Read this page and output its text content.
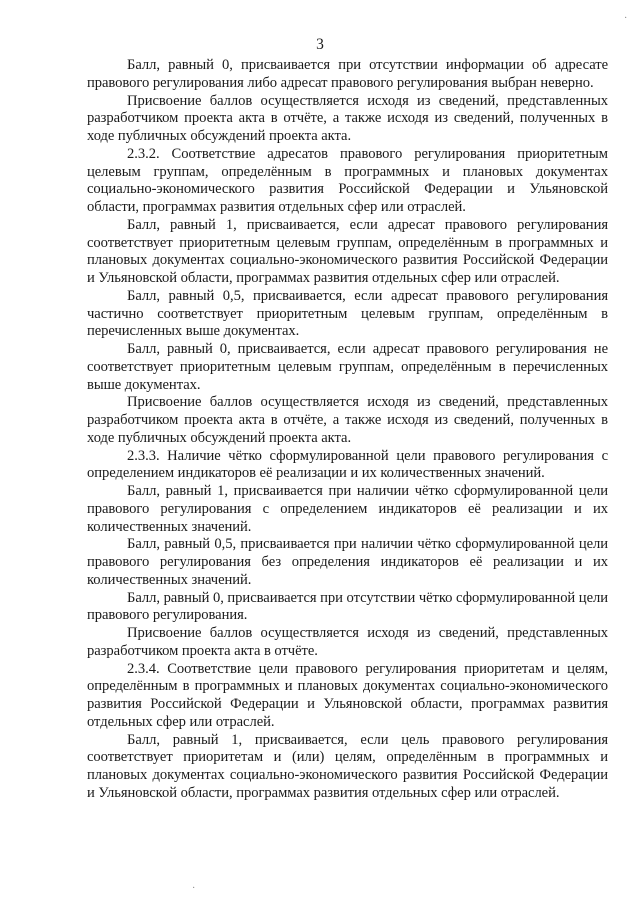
3

Балл, равный 0, присваивается при отсутствии информации об адресате правового регулирования либо адресат правового регулирования выбран неверно.

Присвоение баллов осуществляется исходя из сведений, представленных разработчиком проекта акта в отчёте, а также исходя из сведений, полученных в ходе публичных обсуждений проекта акта.

2.3.2. Соответствие адресатов правового регулирования приоритетным целевым группам, определённым в программных и плановых документах социально-экономического развития Российской Федерации и Ульяновской области, программах развития отдельных сфер или отраслей.

Балл, равный 1, присваивается, если адресат правового регулирования соответствует приоритетным целевым группам, определённым в программных и плановых документах социально-экономического развития Российской Федерации и Ульяновской области, программах развития отдельных сфер или отраслей.

Балл, равный 0,5, присваивается, если адресат правового регулирования частично соответствует приоритетным целевым группам, определённым в перечисленных выше документах.

Балл, равный 0, присваивается, если адресат правового регулирования не соответствует приоритетным целевым группам, определённым в перечисленных выше документах.

Присвоение баллов осуществляется исходя из сведений, представленных разработчиком проекта акта в отчёте, а также исходя из сведений, полученных в ходе публичных обсуждений проекта акта.

2.3.3. Наличие чётко сформулированной цели правового регулирования с определением индикаторов её реализации и их количественных значений.

Балл, равный 1, присваивается при наличии чётко сформулированной цели правового регулирования с определением индикаторов её реализации и их количественных значений.

Балл, равный 0,5, присваивается при наличии чётко сформулированной цели правового регулирования без определения индикаторов её реализации и их количественных значений.

Балл, равный 0, присваивается при отсутствии чётко сформулированной цели правового регулирования.

Присвоение баллов осуществляется исходя из сведений, представленных разработчиком проекта акта в отчёте.

2.3.4. Соответствие цели правового регулирования приоритетам и целям, определённым в программных и плановых документах социально-экономического развития Российской Федерации и Ульяновской области, программах развития отдельных сфер или отраслей.

Балл, равный 1, присваивается, если цель правового регулирования соответствует приоритетам и (или) целям, определённым в программных и плановых документах социально-экономического развития Российской Федерации и Ульяновской области, программах развития отдельных сфер или отраслей.

·
·
